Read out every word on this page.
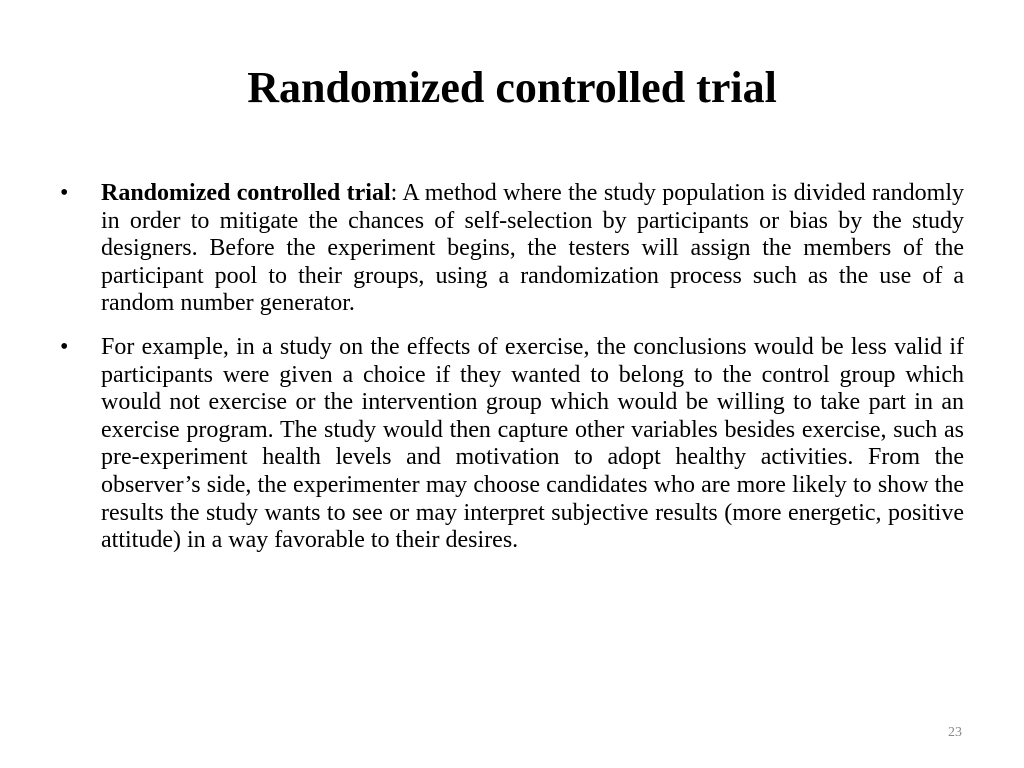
Randomized controlled trial

•	Randomized controlled trial: A method where the study population is divided randomly in order to mitigate the chances of self-selection by participants or bias by the study designers. Before the experiment begins, the testers will assign the members of the participant pool to their groups, using a randomization process such as the use of a random number generator.

•	For example, in a study on the effects of exercise, the conclusions would be less valid if participants were given a choice if they wanted to belong to the control group which would not exercise or the intervention group which would be willing to take part in an exercise program. The study would then capture other variables besides exercise, such as pre-experiment health levels and motivation to adopt healthy activities. From the observer’s side, the experimenter may choose candidates who are more likely to show the results the study wants to see or may interpret subjective results (more energetic, positive attitude) in a way favorable to their desires.

23
